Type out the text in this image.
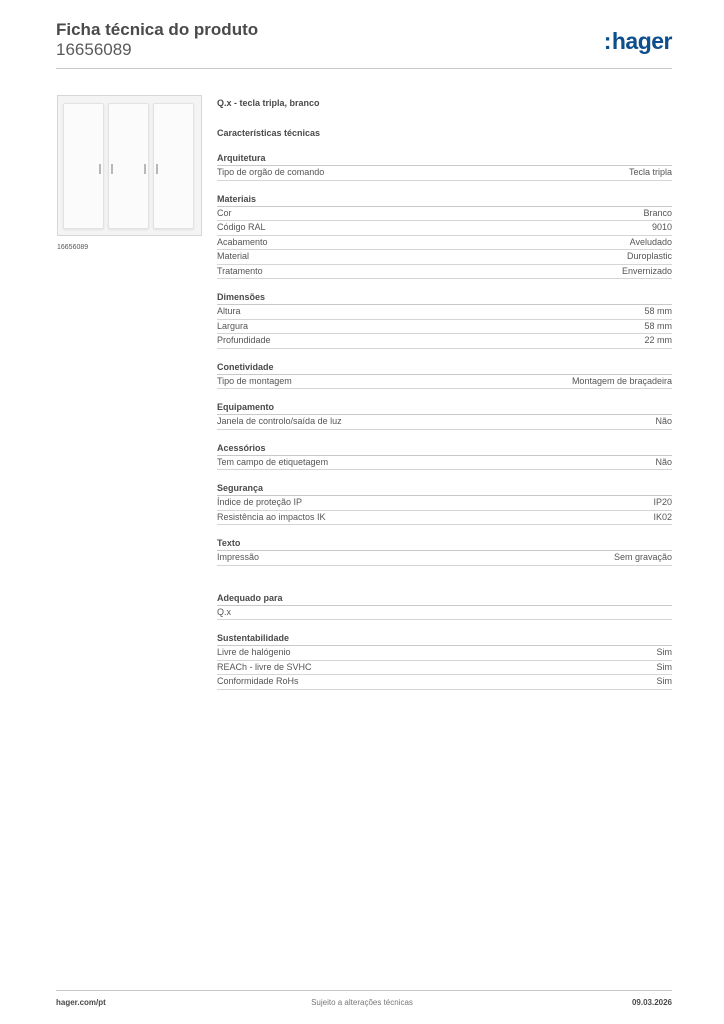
Ficha técnica do produto
16656089	:hager
16656089
Q.x - tecla tripla, branco
Características técnicas
Arquitetura
Tipo de orgão de comando	Tecla tripla
Materiais
Cor	Branco
Código RAL	9010
Acabamento	Aveludado
Material	Duroplastic
Tratamento	Envernizado
Dimensões
Altura	58 mm
Largura	58 mm
Profundidade	22 mm
Conetividade
Tipo de montagem	Montagem de braçadeira
Equipamento
Janela de controlo/saída de luz	Não
Acessórios
Tem campo de etiquetagem	Não
Segurança
Índice de proteção IP	IP20
Resistência ao impactos IK	IK02
Texto
Impressão	Sem gravação
Adequado para
Q.x
Sustentabilidade
Livre de halógenio	Sim
REACh - livre de SVHC	Sim
Conformidade RoHs	Sim
hager.com/pt	Sujeito a alterações técnicas	09.03.2026
